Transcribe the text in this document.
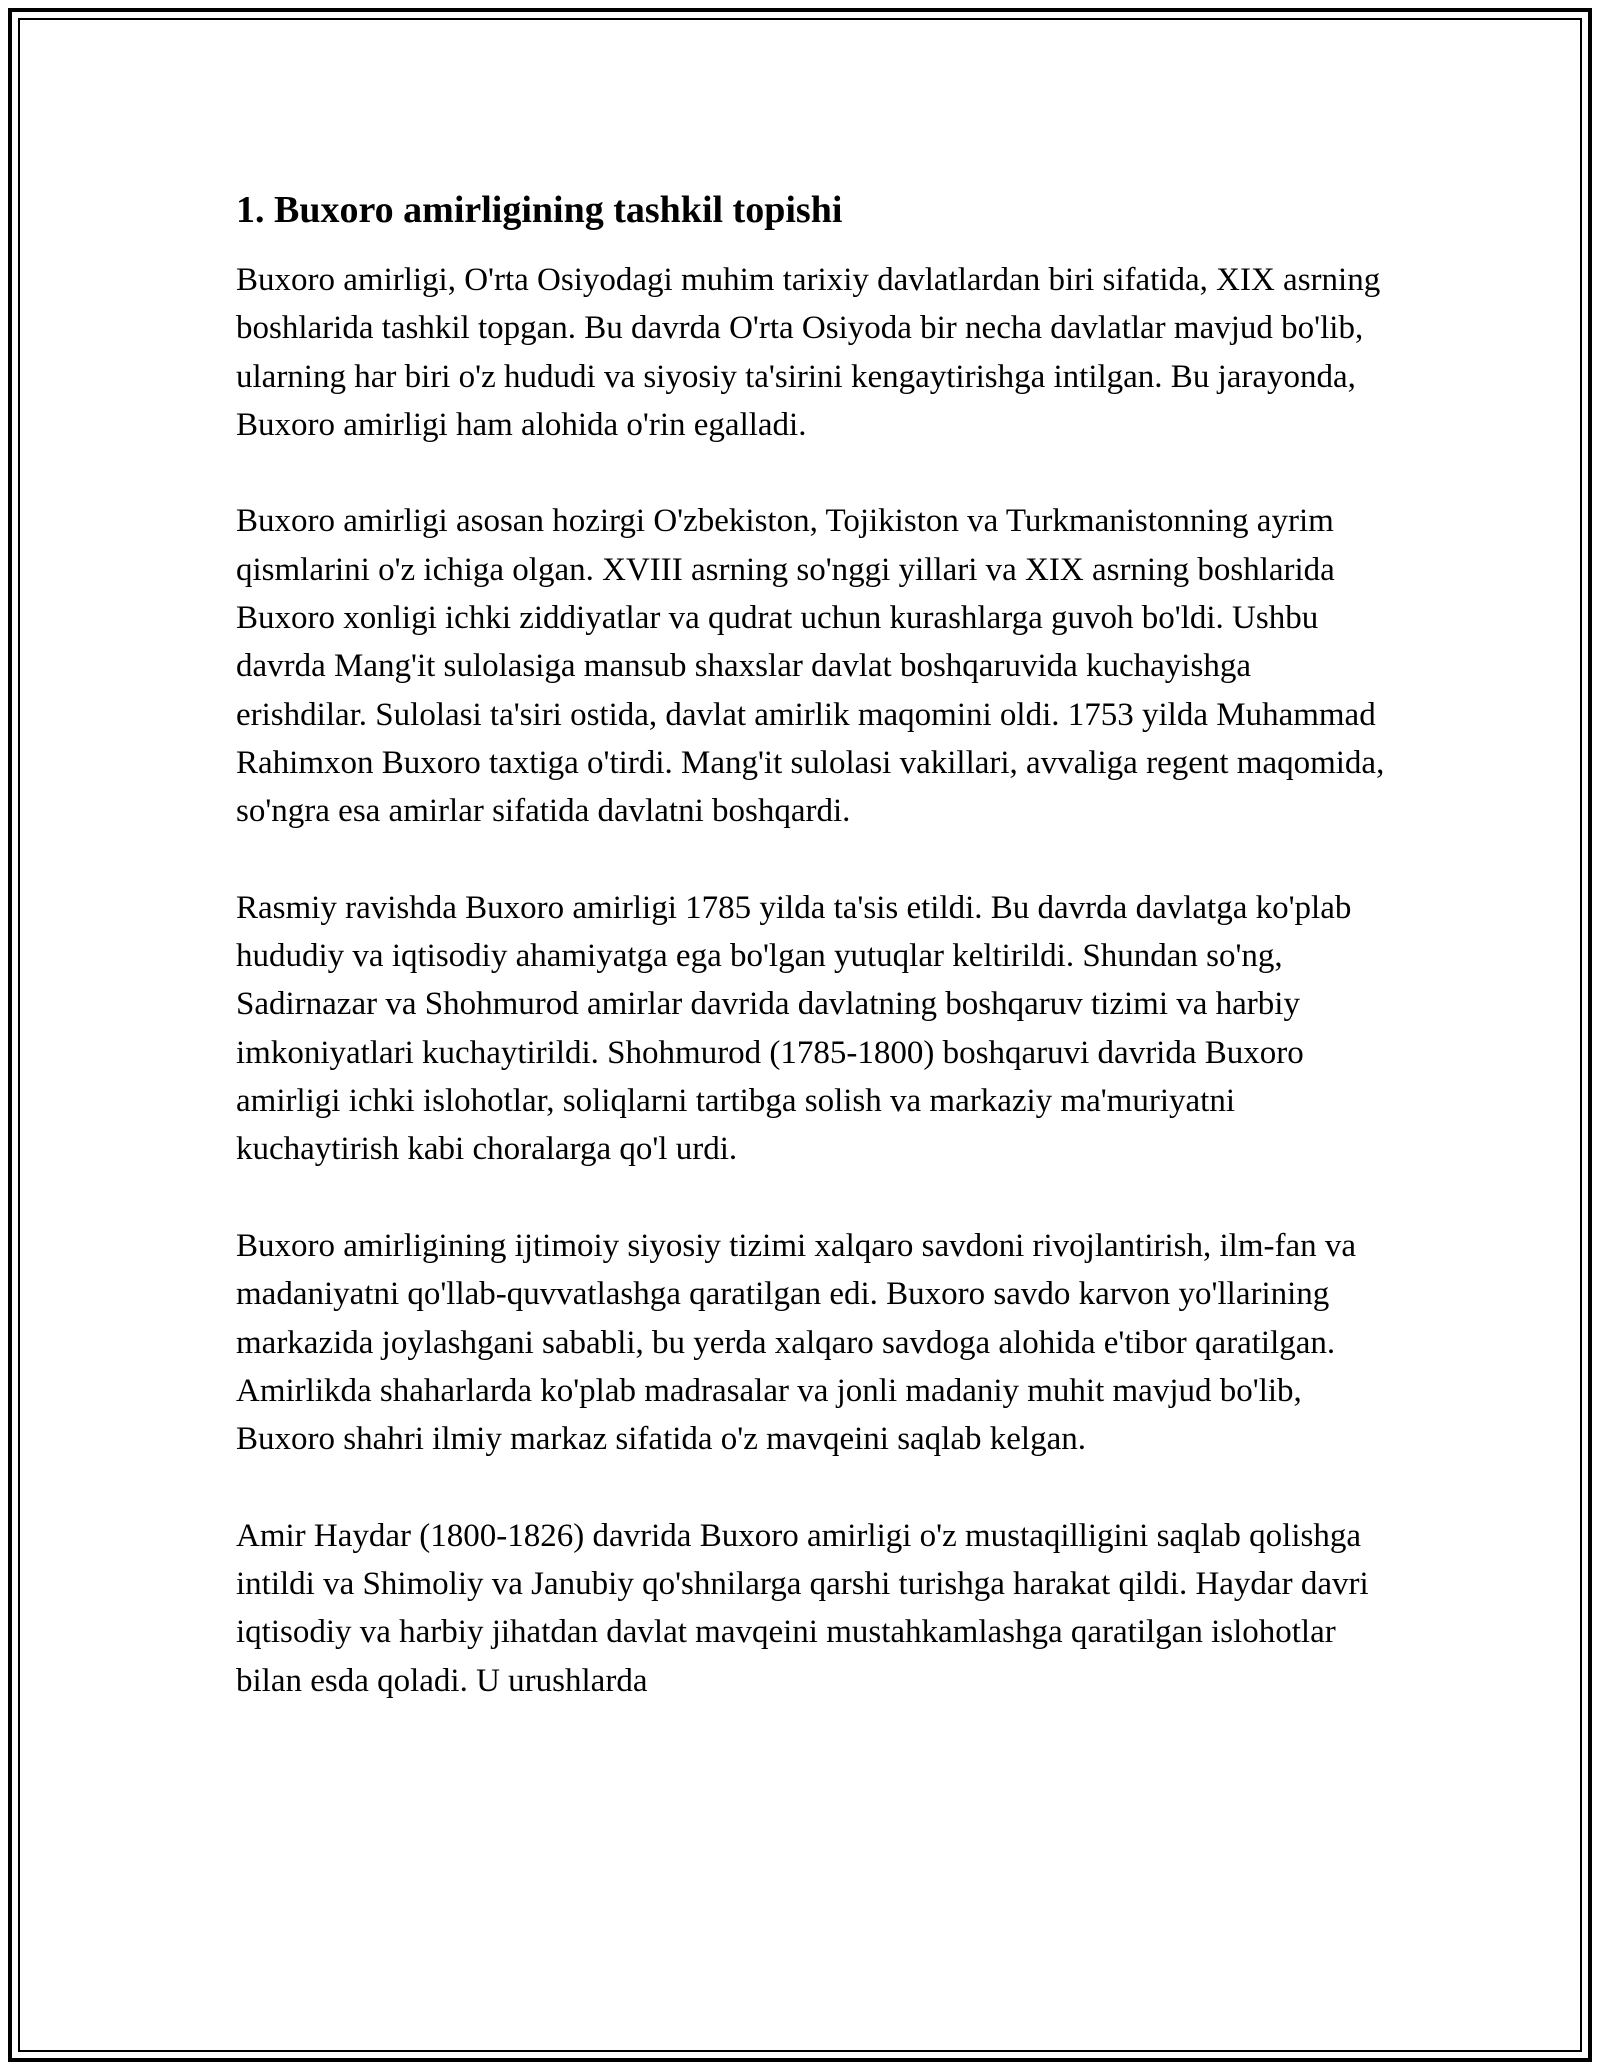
1. Buxoro amirligining tashkil topishi

Buxoro amirligi, O'rta Osiyodagi muhim tarixiy davlatlardan biri sifatida, XIX asrning boshlarida tashkil topgan. Bu davrda O'rta Osiyoda bir necha davlatlar mavjud bo'lib, ularning har biri o'z hududi va siyosiy ta'sirini kengaytirishga intilgan. Bu jarayonda, Buxoro amirligi ham alohida o'rin egalladi.

Buxoro amirligi asosan hozirgi O'zbekiston, Tojikiston va Turkmanistonning ayrim qismlarini o'z ichiga olgan. XVIII asrning so'nggi yillari va XIX asrning boshlarida Buxoro xonligi ichki ziddiyatlar va qudrat uchun kurashlarga guvoh bo'ldi. Ushbu davrda Mang'it sulolasiga mansub shaxslar davlat boshqaruvida kuchayishga erishdilar. Sulolasi ta'siri ostida, davlat amirlik maqomini oldi. 1753 yilda Muhammad Rahimxon Buxoro taxtiga o'tirdi. Mang'it sulolasi vakillari, avvaliga regent maqomida, so'ngra esa amirlar sifatida davlatni boshqardi.

Rasmiy ravishda Buxoro amirligi 1785 yilda ta'sis etildi. Bu davrda davlatga ko'plab hududiy va iqtisodiy ahamiyatga ega bo'lgan yutuqlar keltirildi. Shundan so'ng, Sadirnazar va Shohmurod amirlar davrida davlatning boshqaruv tizimi va harbiy imkoniyatlari kuchaytirildi. Shohmurod (1785-1800) boshqaruvi davrida Buxoro amirligi ichki islohotlar, soliqlarni tartibga solish va markaziy ma'muriyatni kuchaytirish kabi choralarga qo'l urdi.

Buxoro amirligining ijtimoiy siyosiy tizimi xalqaro savdoni rivojlantirish, ilm-fan va madaniyatni qo'llab-quvvatlashga qaratilgan edi. Buxoro savdo karvon yo'llarining markazida joylashgani sababli, bu yerda xalqaro savdoga alohida e'tibor qaratilgan. Amirlikda shaharlarda ko'plab madrasalar va jonli madaniy muhit mavjud bo'lib, Buxoro shahri ilmiy markaz sifatida o'z mavqeini saqlab kelgan.

Amir Haydar (1800-1826) davrida Buxoro amirligi o'z mustaqilligini saqlab qolishga intildi va Shimoliy va Janubiy qo'shnilarga qarshi turishga harakat qildi. Haydar davri iqtisodiy va harbiy jihatdan davlat mavqeini mustahkamlashga qaratilgan islohotlar bilan esda qoladi. U urushlarda
